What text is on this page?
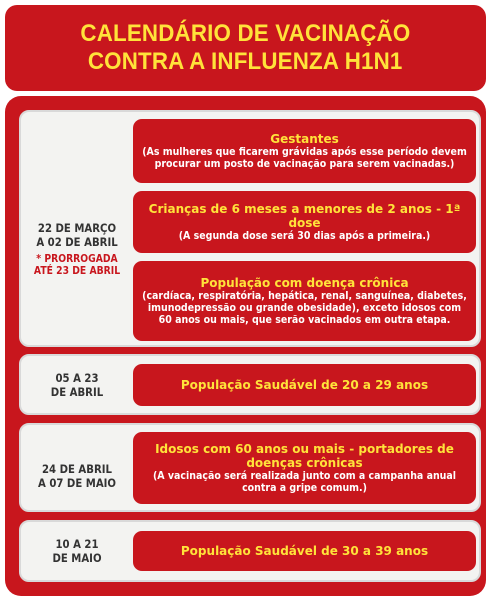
CALENDÁRIO DE VACINAÇÃO
CONTRA A INFLUENZA H1N1
22 DE MARÇO
A 02 DE ABRIL
* PRORROGADA
ATÉ 23 DE ABRIL
Gestantes
(As mulheres que ficarem grávidas após esse período devem procurar um posto de vacinação para serem vacinadas.)
Crianças de 6 meses a menores de 2 anos - 1ª dose
(A segunda dose será 30 dias após a primeira.)
População com doença crônica
(cardíaca, respiratória, hepática, renal, sanguínea, diabetes, imunodepressão ou grande obesidade), exceto idosos com 60 anos ou mais, que serão vacinados em outra etapa.
05 A 23
DE ABRIL	População Saudável de 20 a 29 anos
24 DE ABRIL
A 07 DE MAIO
Idosos com 60 anos ou mais - portadores de doenças crônicas
(A vacinação será realizada junto com a campanha anual contra a gripe comum.)
10 A 21
DE MAIO	População Saudável de 30 a 39 anos
